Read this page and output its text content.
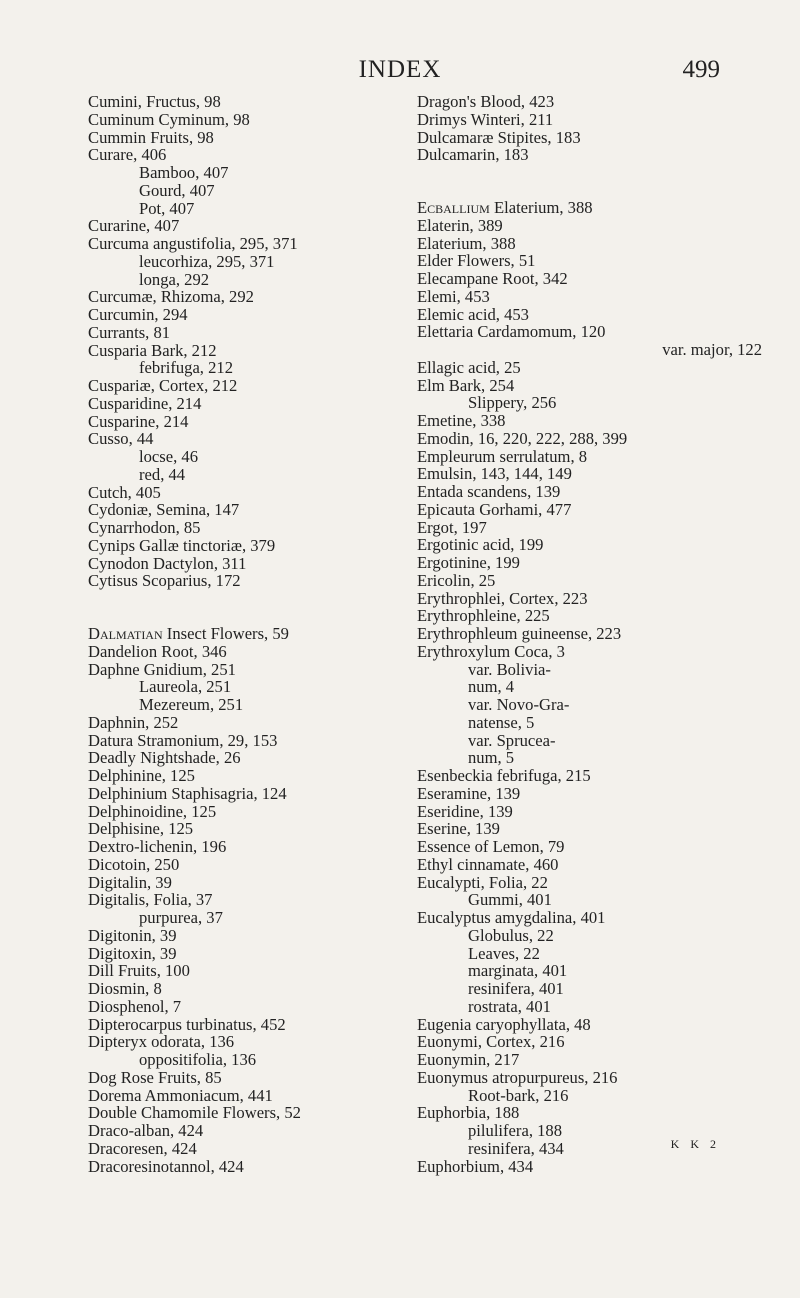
INDEX	499
Cumini, Fructus, 98
Cuminum Cyminum, 98
Cummin Fruits, 98
Curare, 406
Bamboo, 407
Gourd, 407
Pot, 407
Curarine, 407
Curcuma angustifolia, 295, 371
leucorhiza, 295, 371
longa, 292
Curcumæ, Rhizoma, 292
Curcumin, 294
Currants, 81
Cusparia Bark, 212
febrifuga, 212
Cuspariæ, Cortex, 212
Cusparidine, 214
Cusparine, 214
Cusso, 44
locse, 46
red, 44
Cutch, 405
Cydoniæ, Semina, 147
Cynarrhodon, 85
Cynips Gallæ tinctoriæ, 379
Cynodon Dactylon, 311
Cytisus Scoparius, 172
Dalmatian Insect Flowers, 59
Dandelion Root, 346
Daphne Gnidium, 251
Laureola, 251
Mezereum, 251
Daphnin, 252
Datura Stramonium, 29, 153
Deadly Nightshade, 26
Delphinine, 125
Delphinium Staphisagria, 124
Delphinoidine, 125
Delphisine, 125
Dextro-lichenin, 196
Dicotoin, 250
Digitalin, 39
Digitalis, Folia, 37
purpurea, 37
Digitonin, 39
Digitoxin, 39
Dill Fruits, 100
Diosmin, 8
Diosphenol, 7
Dipterocarpus turbinatus, 452
Dipteryx odorata, 136
oppositifolia, 136
Dog Rose Fruits, 85
Dorema Ammoniacum, 441
Double Chamomile Flowers, 52
Draco-alban, 424
Dracoresen, 424
Dracoresinotannol, 424
Dragon's Blood, 423
Drimys Winteri, 211
Dulcamaræ Stipites, 183
Dulcamarin, 183
Ecballium Elaterium, 388
Elaterin, 389
Elaterium, 388
Elder Flowers, 51
Elecampane Root, 342
Elemi, 453
Elemic acid, 453
Elettaria Cardamomum, 120
var. major, 122
Ellagic acid, 25
Elm Bark, 254
Slippery, 256
Emetine, 338
Emodin, 16, 220, 222, 288, 399
Empleurum serrulatum, 8
Emulsin, 143, 144, 149
Entada scandens, 139
Epicauta Gorhami, 477
Ergot, 197
Ergotinic acid, 199
Ergotinine, 199
Ericolin, 25
Erythrophlei, Cortex, 223
Erythrophleine, 225
Erythrophleum guineense, 223
Erythroxylum Coca, 3
var. Bolivia-
num, 4
var. Novo-Gra-
natense, 5
var. Sprucea-
num, 5
Esenbeckia febrifuga, 215
Eseramine, 139
Eseridine, 139
Eserine, 139
Essence of Lemon, 79
Ethyl cinnamate, 460
Eucalypti, Folia, 22
Gummi, 401
Eucalyptus amygdalina, 401
Globulus, 22
Leaves, 22
marginata, 401
resinifera, 401
rostrata, 401
Eugenia caryophyllata, 48
Euonymi, Cortex, 216
Euonymin, 217
Euonymus atropurpureus, 216
Root-bark, 216
Euphorbia, 188
pilulifera, 188
resinifera, 434
Euphorbium, 434
K K 2
